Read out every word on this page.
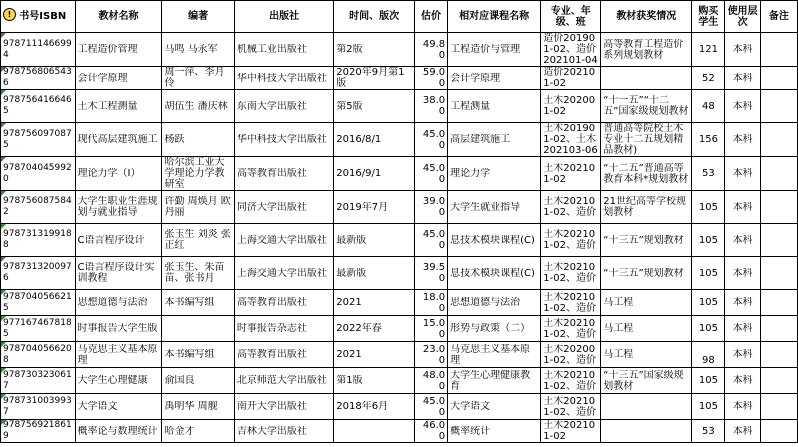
! 书号ISBN	教材名称	编著	出版社	时间、版次	估价	相对应课程名称	专业、年级、班	教材获奖情况	购买学生	使用层次	备注

9787111466994	工程造价管理	马鸣 马永军	机械工业出版社	第2版	49.80	工程造价与管理	造价201901-02、造价202101-04	高等教育工程造价系列规划教材	121	本科	

9787568065436	会计学原理	周一萍、李月伶	华中科技大学出版社	2020年9月第1版	59.00	会计学原理	造价202101-02		52	本科	

9787564166465	土木工程测量	胡伍生 潘庆林	东南大学出版社	第5版	38.00	工程测量	土木202001-02	“十一五”“十二五”国家级规划教材	48	本科	

9787560970875	现代高层建筑施工	杨跃	华中科技大学出版社	2016/8/1	45.00	高层建筑施工	土木201901-02、土木202103-06	普通高等院校土木专业十二五规划精品教材)	156	本科	

9787040459920	理论力学（Ⅰ）	哈尔滨工业大学理论力学教研室	高等教育出版社	2016/9/1	45.00	理论力学	土木202101-02	“十二五”普通高等教育本科*规划教材	53	本科	

9787560875842	大学生职业生涯规划与就业指导	许勤 周焕月 欧丹丽	同济大学出版社	2019年7月	39.00	大学生就业指导	土木202101-02、造价	21世纪高等学校规划教材	105	本科	

9787313199188	C语言程序设计	张玉生 刘炎 张正红	上海交通大学出版社	最新版	45.00	息技术模块课程(C)	土木202101-02、造价	“十三五”规划教材	105	本科	

9787313200976	C语言程序设计实训教程	张玉生、朱苗苗、张书月	上海交通大学出版社	最新版	39.50	息技术模块课程(C)	土木202101-02、造价	“十三五”规划教材	105	本科	

9787040566215	思想道德与法治	本书编写组	高等教育出版社	2021	18.00	思想道德与法治	土木202101-02、造价	马工程	105	本科	

9771674678185	时事报告大学生版		时事报告杂志社	2022年春	15.00	形势与政策（二）	土木202101-02、造价	马工程	105	本科	

9787040566208	马克思主义基本原理	本书编写组	高等教育出版社	2021	23.00	马克思主义基本原理	土木202001-02、造价	马工程	98	本科	

9787303230617	大学生心理健康	俞国良	北京师范大学出版社	第1版	48.00	大学生心理健康教育	土木202101-02、造价	“十三五”国家级规划教材	105	本科	

9787310039937	大学语文	禹明华 周舰	南开大学出版社	2018年6月	45.00	大学语文	土木202101-02、造价		105	本科	

9787569218619	概率论与数理统计	哈金才	吉林大学出版社		46.00	概率统计	土木202101-02		53	本科	
